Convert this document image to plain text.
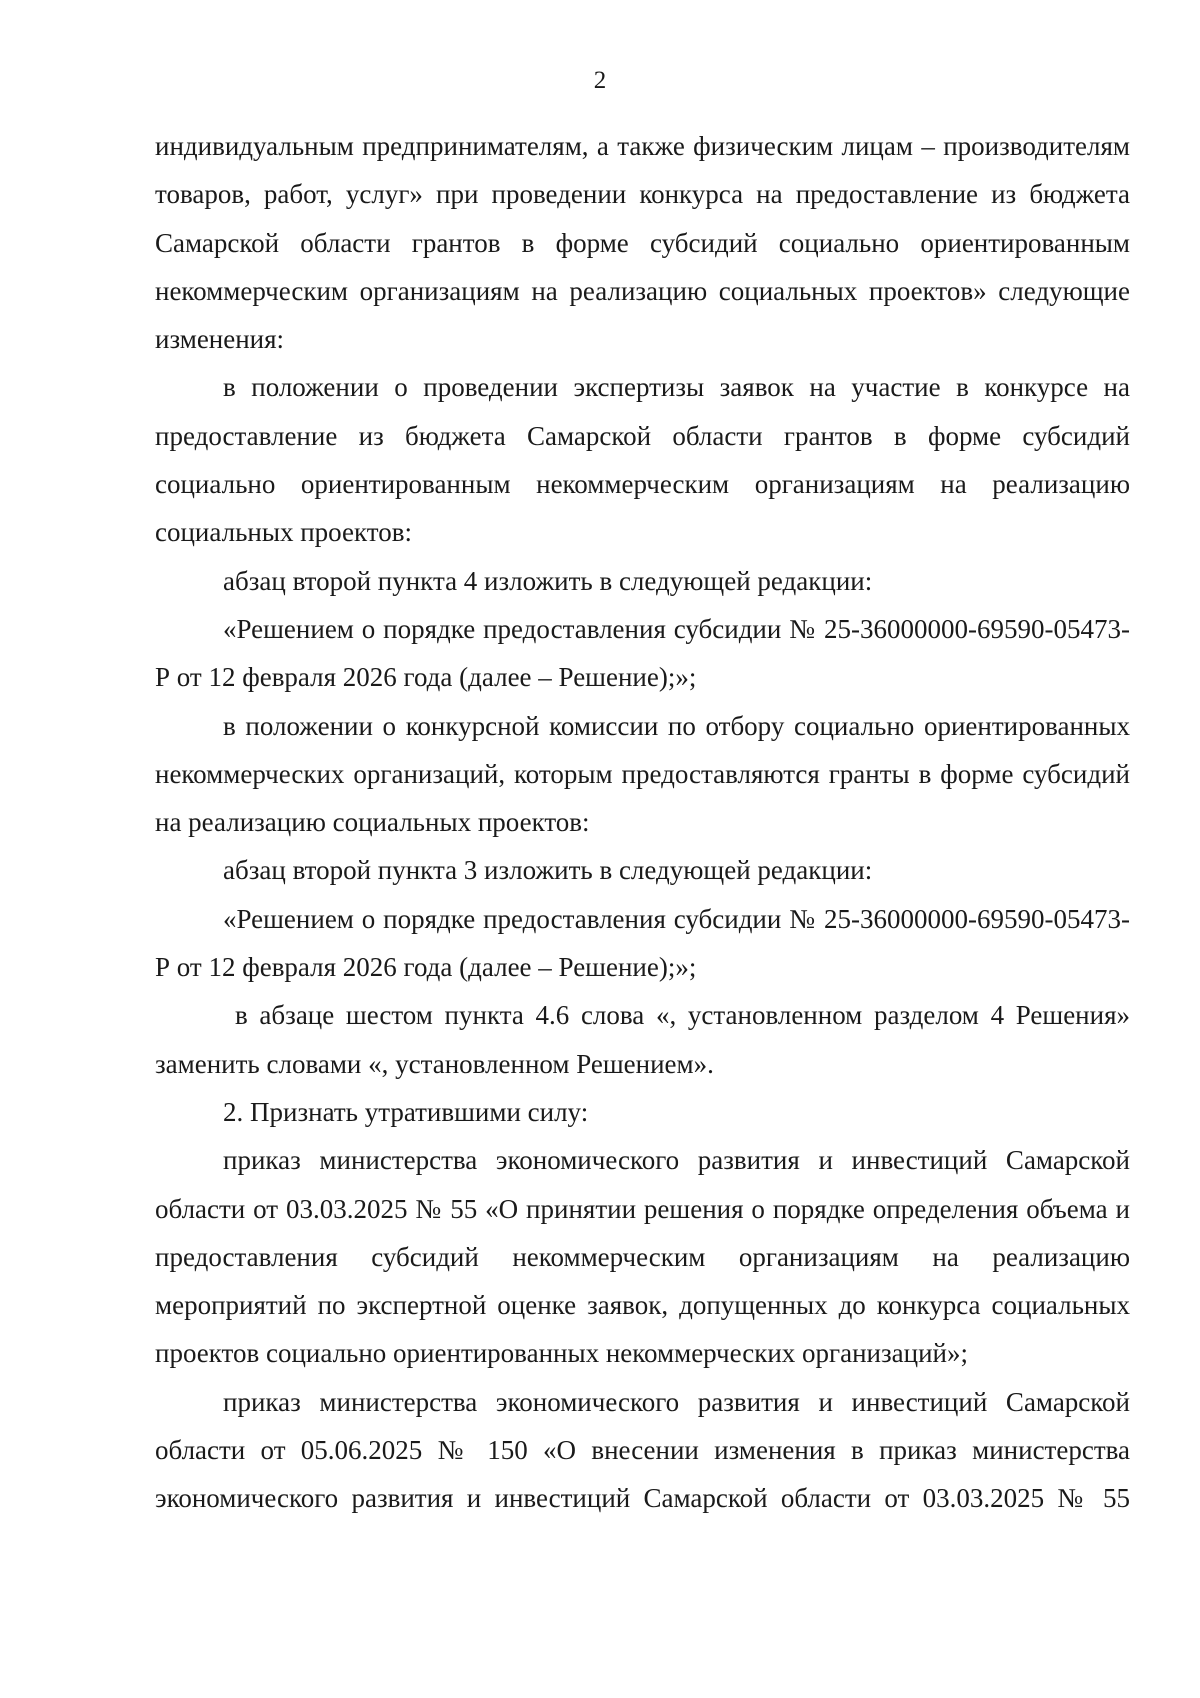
2

индивидуальным предпринимателям, а также физическим лицам – производителям товаров, работ, услуг» при проведении конкурса на предоставление из бюджета Самарской области грантов в форме субсидий социально ориентированным некоммерческим организациям на реализацию социальных проектов» следующие изменения:

в положении о проведении экспертизы заявок на участие в конкурсе на предоставление из бюджета Самарской области грантов в форме субсидий социально ориентированным некоммерческим организациям на реализацию социальных проектов:

абзац второй пункта 4 изложить в следующей редакции:

«Решением о порядке предоставления субсидии № 25-36000000-69590-05473-Р от 12 февраля 2026 года (далее – Решение);»;

в положении о конкурсной комиссии по отбору социально ориентированных некоммерческих организаций, которым предоставляются гранты в форме субсидий на реализацию социальных проектов:

абзац второй пункта 3 изложить в следующей редакции:

«Решением о порядке предоставления субсидии № 25-36000000-69590-05473-Р от 12 февраля 2026 года (далее – Решение);»;

в абзаце шестом пункта 4.6 слова «, установленном разделом 4 Решения» заменить словами «, установленном Решением».

2. Признать утратившими силу:

приказ министерства экономического развития и инвестиций Самарской области от 03.03.2025 № 55 «О принятии решения о порядке определения объема и предоставления субсидий некоммерческим организациям на реализацию мероприятий по экспертной оценке заявок, допущенных до конкурса социальных проектов социально ориентированных некоммерческих организаций»;

приказ министерства экономического развития и инвестиций Самарской области от 05.06.2025 № 150 «О внесении изменения в приказ министерства экономического развития и инвестиций Самарской области от 03.03.2025 № 55
